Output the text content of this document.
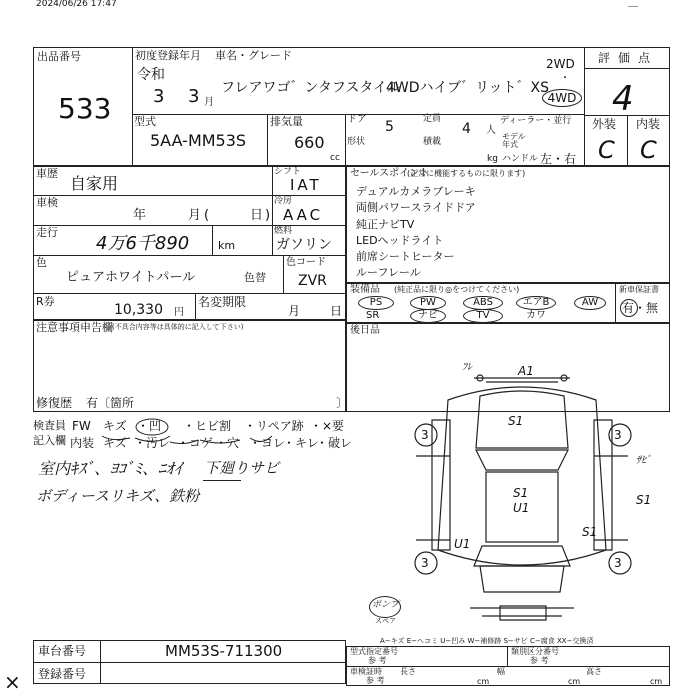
2024/06/26 17:47
出品番号
533
初度登録年月 車名・グレード
令和
3 3 月
フレアワゴ゛ンタフスタイル
4WDハイブ゛リット゛XS
2WD
・
4WD
型式
5AA-MM53S
排気量
660
cc
ドア 5
形状
定員
4 人
積載
kg
ディーラー・並行
モデル年式
ハンドル 左・右
評価点
4
外装 内装
C C
車歴
自家用
車検
年	月 (	日 )
走行
4万6千890	km
シフト
IAT
冷房
AAC
燃料
ガソリン
色
ピュアホワイトパール	色替
色コード
ZVR
R券
10,330 円
名変期限
月 日
注意事項申告欄 (不具合内容等は具体的に記入して下さい)
修復歴 有〔箇所	〕
セールスポイント
(正常に機能するものに限ります)
デュアルカメラブレーキ
両側パワースライドドア
純正ナビTV
LEDヘッドライト
前席シートヒーター
ルーフレール
装備品 (純正品に限り◎をつけてください)
PS	PW	ABS	エアB	AW
SR	ナビ	TV	カワ
新車保証書
有・無
後日品
検査員
記入欄
FW キズ ・凹 ・ヒビ割 ・リペア跡 ・×要
内装 キズ ・汚レ ・コゲ ・穴 ・ヨレ
・キレ
・破レ
室内ｷｽﾞ、ﾖｺﾞﾐ、ﾆｵｲ 下廻りサビ
ボディースリキズ、鉄粉
A1
ﾌﾚ
S1
S1
U1
S1
S1
U1
ｻﾋﾞ
3	3
3	3
ポンプ
スペア
A−キズ E−ヘコミ U−凹み W−補修跡 S−サビ C−腐食 XX−交換済
車台番号	MM53S-711300
登録番号
型式指定番号
参 考
類別区分番号
参 考
車検証時
参 考
長さ
cm
幅
cm
高さ
cm
×
